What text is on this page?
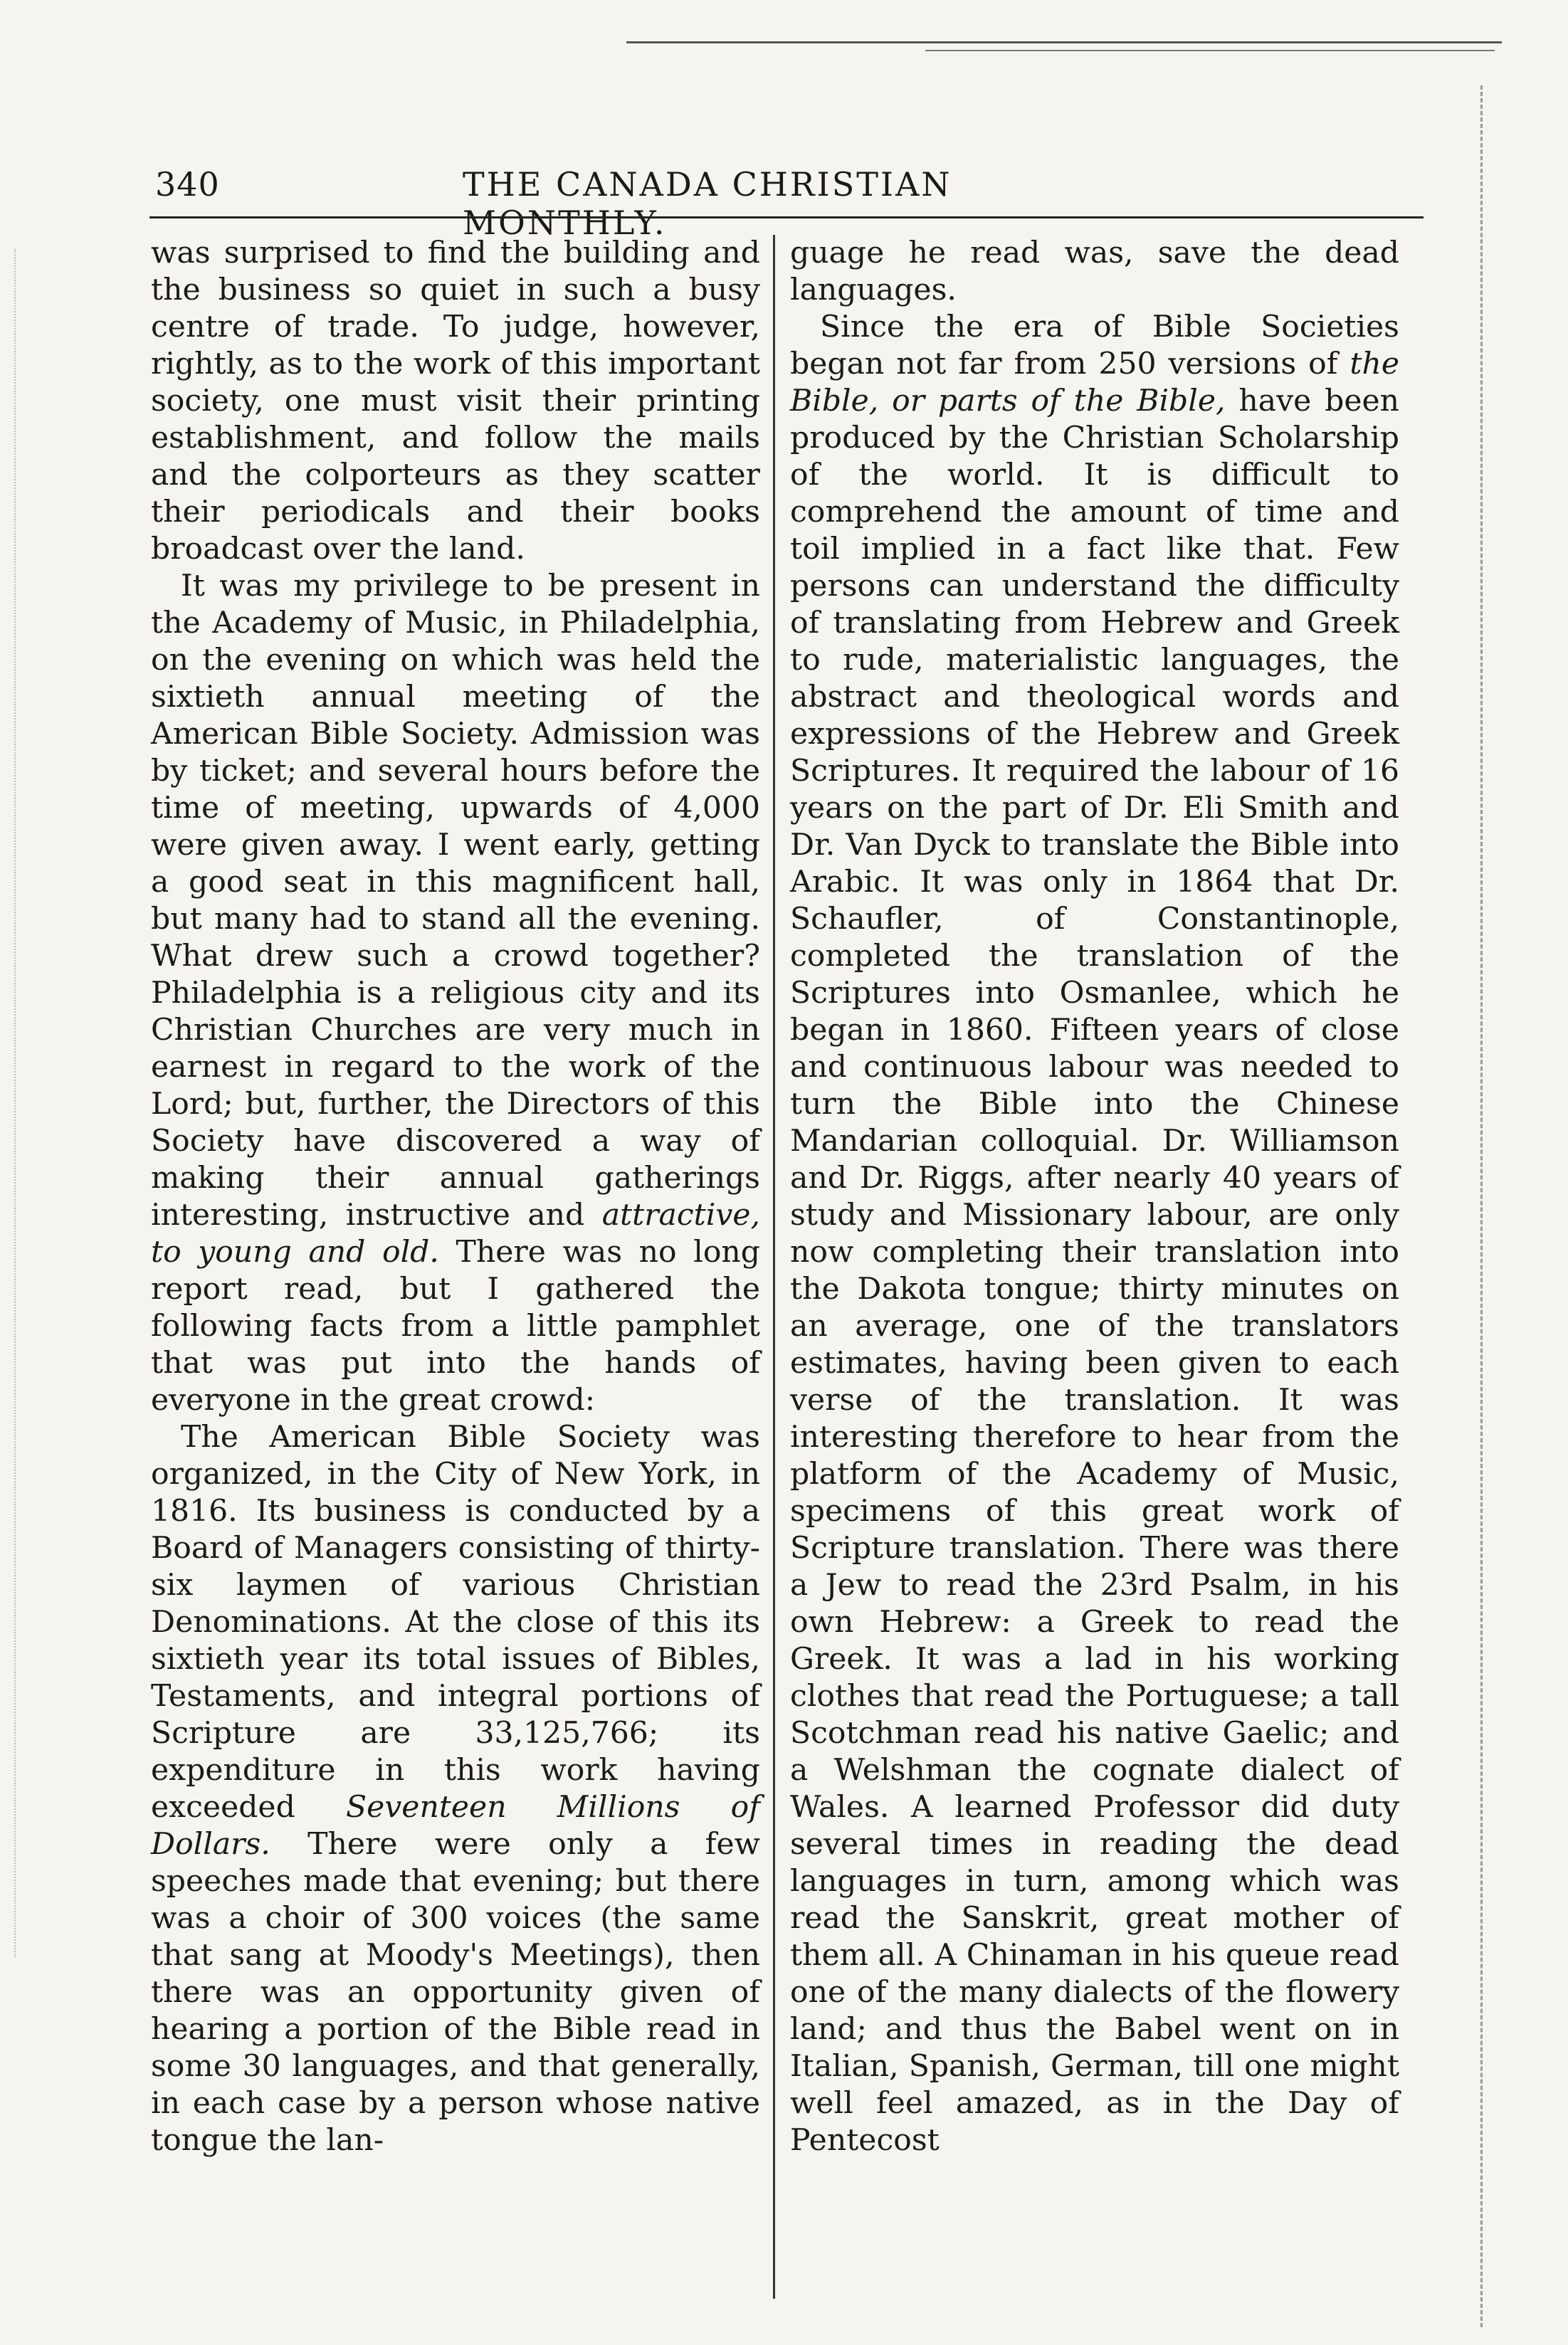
340	THE CANADA CHRISTIAN MONTHLY.

was surprised to find the building and the business so quiet in such a busy centre of trade. To judge, however, rightly, as to the work of this important society, one must visit their printing establishment, and follow the mails and the colporteurs as they scatter their periodicals and their books broadcast over the land.

It was my privilege to be present in the Academy of Music, in Philadelphia, on the evening on which was held the sixtieth annual meeting of the American Bible Society. Admission was by ticket; and several hours before the time of meeting, upwards of 4,000 were given away. I went early, getting a good seat in this magnificent hall, but many had to stand all the evening. What drew such a crowd together? Philadelphia is a religious city and its Christian Churches are very much in earnest in regard to the work of the Lord; but, further, the Directors of this Society have discovered a way of making their annual gatherings interesting, instructive and attractive, to young and old. There was no long report read, but I gathered the following facts from a little pamphlet that was put into the hands of everyone in the great crowd:

The American Bible Society was organized, in the City of New York, in 1816. Its business is conducted by a Board of Managers consisting of thirty-six laymen of various Christian Denominations. At the close of this its sixtieth year its total issues of Bibles, Testaments, and integral portions of Scripture are 33,125,766; its expenditure in this work having exceeded Seventeen Millions of Dollars. There were only a few speeches made that evening; but there was a choir of 300 voices (the same that sang at Moody's Meetings), then there was an opportunity given of hearing a portion of the Bible read in some 30 languages, and that generally, in each case by a person whose native tongue the lan-

guage he read was, save the dead languages.

Since the era of Bible Societies began not far from 250 versions of the Bible, or parts of the Bible, have been produced by the Christian Scholarship of the world. It is difficult to comprehend the amount of time and toil implied in a fact like that. Few persons can understand the difficulty of translating from Hebrew and Greek to rude, materialistic languages, the abstract and theological words and expressions of the Hebrew and Greek Scriptures. It required the labour of 16 years on the part of Dr. Eli Smith and Dr. Van Dyck to translate the Bible into Arabic. It was only in 1864 that Dr. Schaufler, of Constantinople, completed the translation of the Scriptures into Osmanlee, which he began in 1860. Fifteen years of close and continuous labour was needed to turn the Bible into the Chinese Mandarian colloquial. Dr. Williamson and Dr. Riggs, after nearly 40 years of study and Missionary labour, are only now completing their translation into the Dakota tongue; thirty minutes on an average, one of the translators estimates, having been given to each verse of the translation. It was interesting therefore to hear from the platform of the Academy of Music, specimens of this great work of Scripture translation. There was there a Jew to read the 23rd Psalm, in his own Hebrew: a Greek to read the Greek. It was a lad in his working clothes that read the Portuguese; a tall Scotchman read his native Gaelic; and a Welshman the cognate dialect of Wales. A learned Professor did duty several times in reading the dead languages in turn, among which was read the Sanskrit, great mother of them all. A Chinaman in his queue read one of the many dialects of the flowery land; and thus the Babel went on in Italian, Spanish, German, till one might well feel amazed, as in the Day of Pentecost
